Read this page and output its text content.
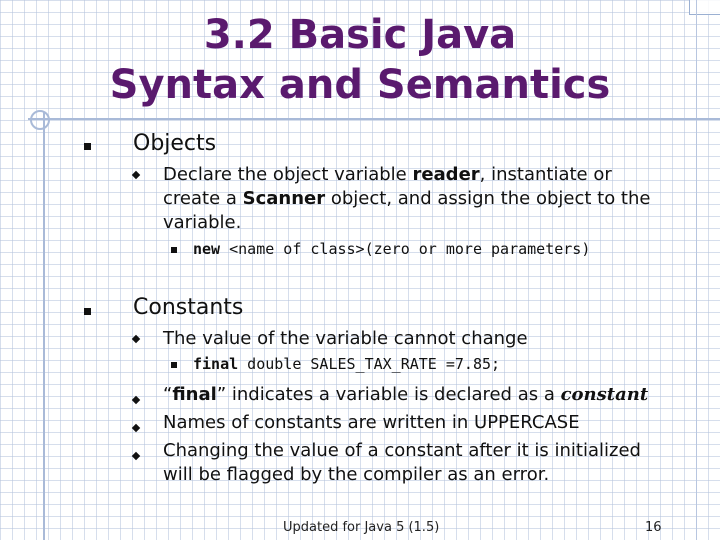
3.2 Basic Java
Syntax and Semantics
Objects
Declare the object variable reader, instantiate or
create a Scanner object, and assign the object to the
variable.
new <name of class>(zero or more parameters)
Constants
The value of the variable cannot change
final double SALES_TAX_RATE =7.85;
“final” indicates a variable is declared as a constant
Names of constants are written in UPPERCASE
Changing the value of a constant after it is initialized
will be flagged by the compiler as an error.
Updated for Java 5 (1.5)	16
